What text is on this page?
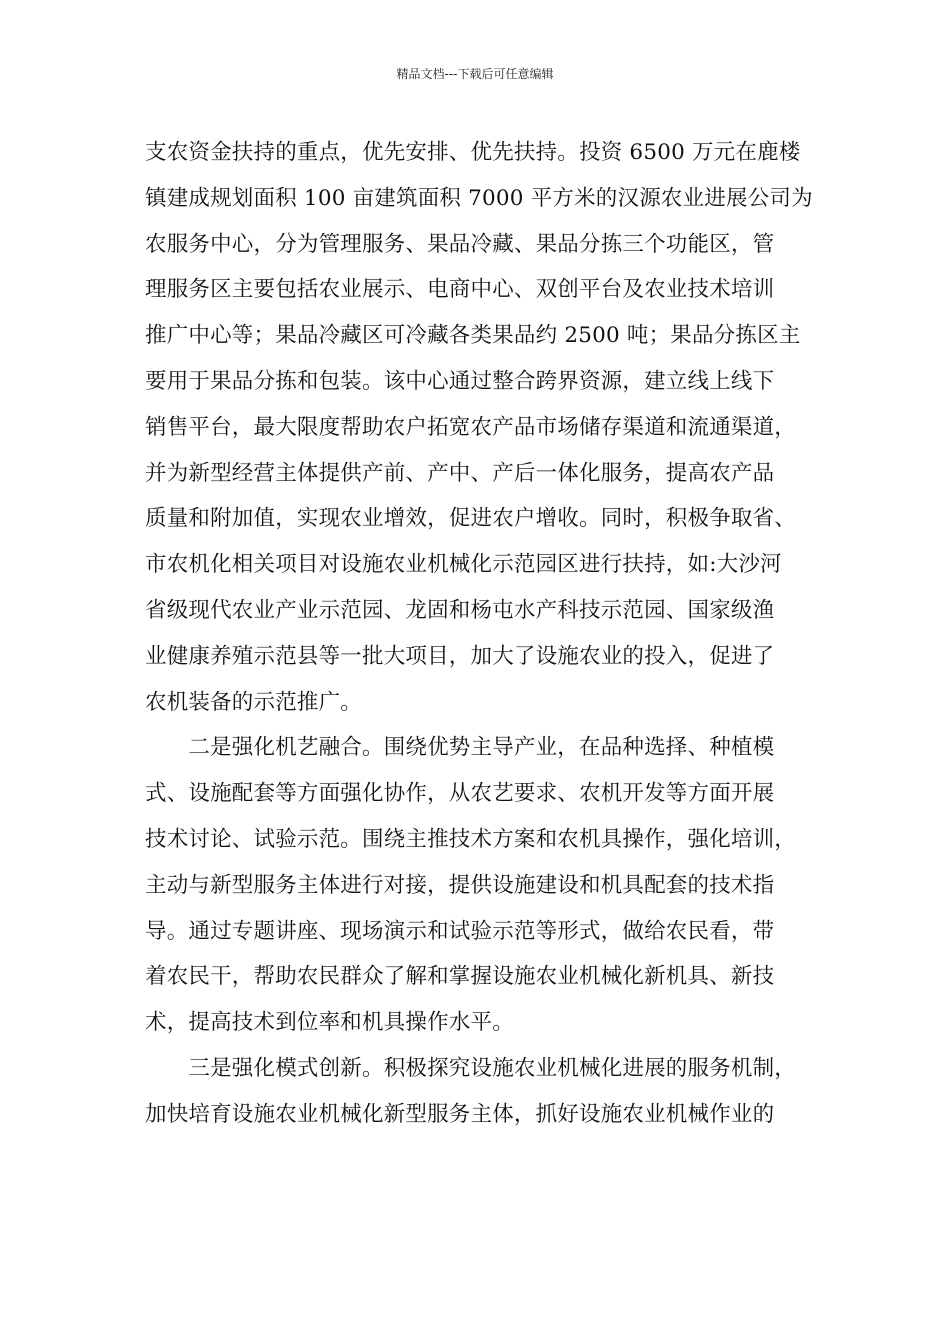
精品文档---下载后可任意编辑
支农资金扶持的重点，优先安排、优先扶持。投资 6500 万元在鹿楼
镇建成规划面积 100 亩建筑面积 7000 平方米的汉源农业进展公司为
农服务中心，分为管理服务、果品冷藏、果品分拣三个功能区，管
理服务区主要包括农业展示、电商中心、双创平台及农业技术培训
推广中心等；果品冷藏区可冷藏各类果品约 2500 吨；果品分拣区主
要用于果品分拣和包装。该中心通过整合跨界资源，建立线上线下
销售平台，最大限度帮助农户拓宽农产品市场储存渠道和流通渠道，
并为新型经营主体提供产前、产中、产后一体化服务，提高农产品
质量和附加值，实现农业增效，促进农户增收。同时，积极争取省、
市农机化相关项目对设施农业机械化示范园区进行扶持，如:大沙河
省级现代农业产业示范园、龙固和杨屯水产科技示范园、国家级渔
业健康养殖示范县等一批大项目，加大了设施农业的投入，促进了
农机装备的示范推广。
　　二是强化机艺融合。围绕优势主导产业，在品种选择、种植模
式、设施配套等方面强化协作，从农艺要求、农机开发等方面开展
技术讨论、试验示范。围绕主推技术方案和农机具操作，强化培训，
主动与新型服务主体进行对接，提供设施建设和机具配套的技术指
导。通过专题讲座、现场演示和试验示范等形式，做给农民看，带
着农民干，帮助农民群众了解和掌握设施农业机械化新机具、新技
术，提高技术到位率和机具操作水平。
　　三是强化模式创新。积极探究设施农业机械化进展的服务机制，
加快培育设施农业机械化新型服务主体，抓好设施农业机械作业的
